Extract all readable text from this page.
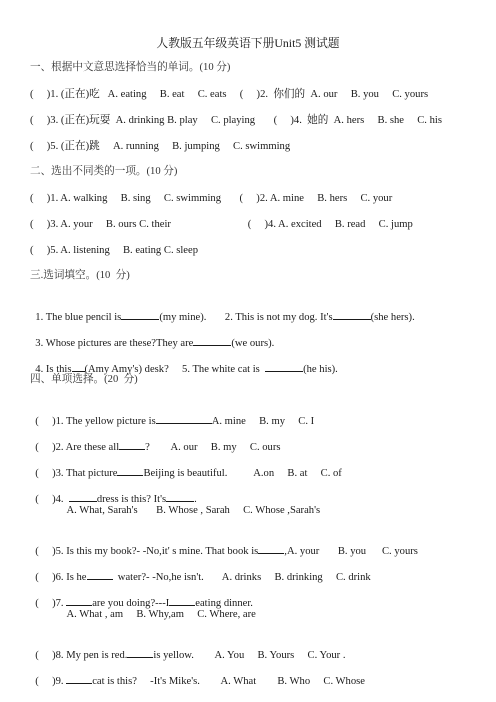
人教版五年级英语下册Unit5 测试题
一、根据中文意思选择恰当的单词。(10 分)
(     )1. (正在)吃   A. eating     B. eat     C. eats     (     )2.  你们的  A. our     B. you     C. yours
(     )3. (正在)玩耍  A. drinking B. play     C. playing       (     )4.  她的  A. hers     B. she     C. his
(     )5. (正在)跳     A. running     B. jumping     C. swimming
二、选出不同类的一项。(10 分)
(     )1. A. walking     B. sing     C. swimming       (     )2. A. mine     B. hers     C. your
(     )3. A. your     B. ours C. their                             (     )4. A. excited     B. read     C. jump
(     )5. A. listening     B. eating C. sleep
三.选词填空。(10  分)

1. The blue pencil is	(my mine).       2. This is not my dog. It's	(she hers).

3. Whose pictures are these?They are	(we ours).

4. Is this (Amy Amy's) desk?     5. The white cat is	(he his).

四、单项选择。(20  分)

(     )1. The yellow picture is	A. mine     B. my     C. I

(     )2. Are these all ?        A. our     B. my     C. ours

(     )3. That picture Beijing is beautiful.          A.on     B. at     C. of

(     )4.	dress is this? It's	.

A. What, Sarah's       B. Whose , Sarah     C. Whose ,Sarah's

(     )5. Is this my book?- -No,it' s mine. That book is ,A. your       B. you      C. yours

(     )6. Is he  water?- -No,he isn't.       A. drinks     B. drinking     C. drink

(     )7. are you doing?---I eating dinner.

A. What , am     B. Why,am     C. Where, are

(     )8. My pen is red. is yellow.        A. You     B. Yours     C. Your .

(     )9. cat is this?     -It's Mike's.        A. What        B. Who     C. Whose
